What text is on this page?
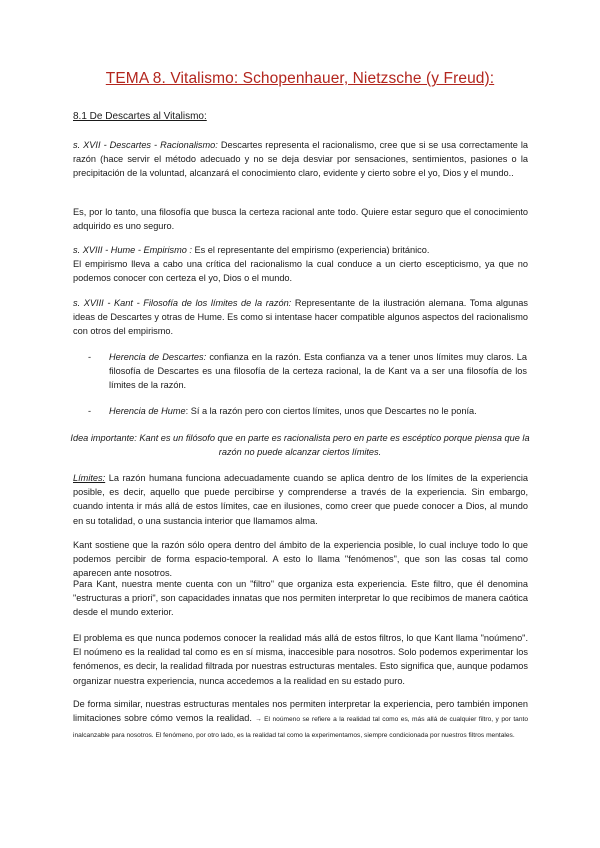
TEMA 8. Vitalismo: Schopenhauer, Nietzsche (y Freud):
8.1 De Descartes al Vitalismo:

s. XVII - Descartes - Racionalismo: Descartes representa el racionalismo, cree que si se usa correctamente la razón (hace servir el método adecuado y no se deja desviar por sensaciones, sentimientos, pasiones o la precipitación de la voluntad, alcanzará el conocimiento claro, evidente y cierto sobre el yo, Dios y el mundo..

Es, por lo tanto, una filosofía que busca la certeza racional ante todo. Quiere estar seguro que el conocimiento adquirido es uno seguro.

s. XVIII - Hume - Empirismo : Es el representante del empirismo (experiencia) británico.
El empirismo lleva a cabo una crítica del racionalismo la cual conduce a un cierto escepticismo, ya que no podemos conocer con certeza el yo, Dios o el mundo.

s. XVIII - Kant - Filosofía de los límites de la razón: Representante de la ilustración alemana. Toma algunas ideas de Descartes y otras de Hume. Es como si intentase hacer compatible algunos aspectos del racionalismo con otros del empirismo.

- Herencia de Descartes: confianza en la razón. Esta confianza va a tener unos límites muy claros. La filosofía de Descartes es una filosofía de la certeza racional, la de Kant va a ser una filosofía de los límites de la razón.

- Herencia de Hume: Sí a la razón pero con ciertos límites, unos que Descartes no le ponía.

Idea importante: Kant es un filósofo que en parte es racionalista pero en parte es escéptico porque piensa que la razón no puede alcanzar ciertos límites.

Límites: La razón humana funciona adecuadamente cuando se aplica dentro de los límites de la experiencia posible, es decir, aquello que puede percibirse y comprenderse a través de la experiencia. Sin embargo, cuando intenta ir más allá de estos límites, cae en ilusiones, como creer que puede conocer a Dios, al mundo en su totalidad, o una sustancia interior que llamamos alma.

Kant sostiene que la razón sólo opera dentro del ámbito de la experiencia posible, lo cual incluye todo lo que podemos percibir de forma espacio-temporal. A esto lo llama "fenómenos", que son las cosas tal como aparecen ante nosotros.

Para Kant, nuestra mente cuenta con un "filtro" que organiza esta experiencia. Este filtro, que él denomina "estructuras a priori", son capacidades innatas que nos permiten interpretar lo que recibimos de manera caótica desde el mundo exterior.

El problema es que nunca podemos conocer la realidad más allá de estos filtros, lo que Kant llama "noúmeno". El noúmeno es la realidad tal como es en sí misma, inaccesible para nosotros. Solo podemos experimentar los fenómenos, es decir, la realidad filtrada por nuestras estructuras mentales. Esto significa que, aunque podamos organizar nuestra experiencia, nunca accedemos a la realidad en su estado puro.

De forma similar, nuestras estructuras mentales nos permiten interpretar la experiencia, pero también imponen limitaciones sobre cómo vemos la realidad. → El noúmeno se refiere a la realidad tal como es, más allá de cualquier filtro, y por tanto inalcanzable para nosotros. El fenómeno, por otro lado, es la realidad tal como la experimentamos, siempre condicionada por nuestros filtros mentales.
